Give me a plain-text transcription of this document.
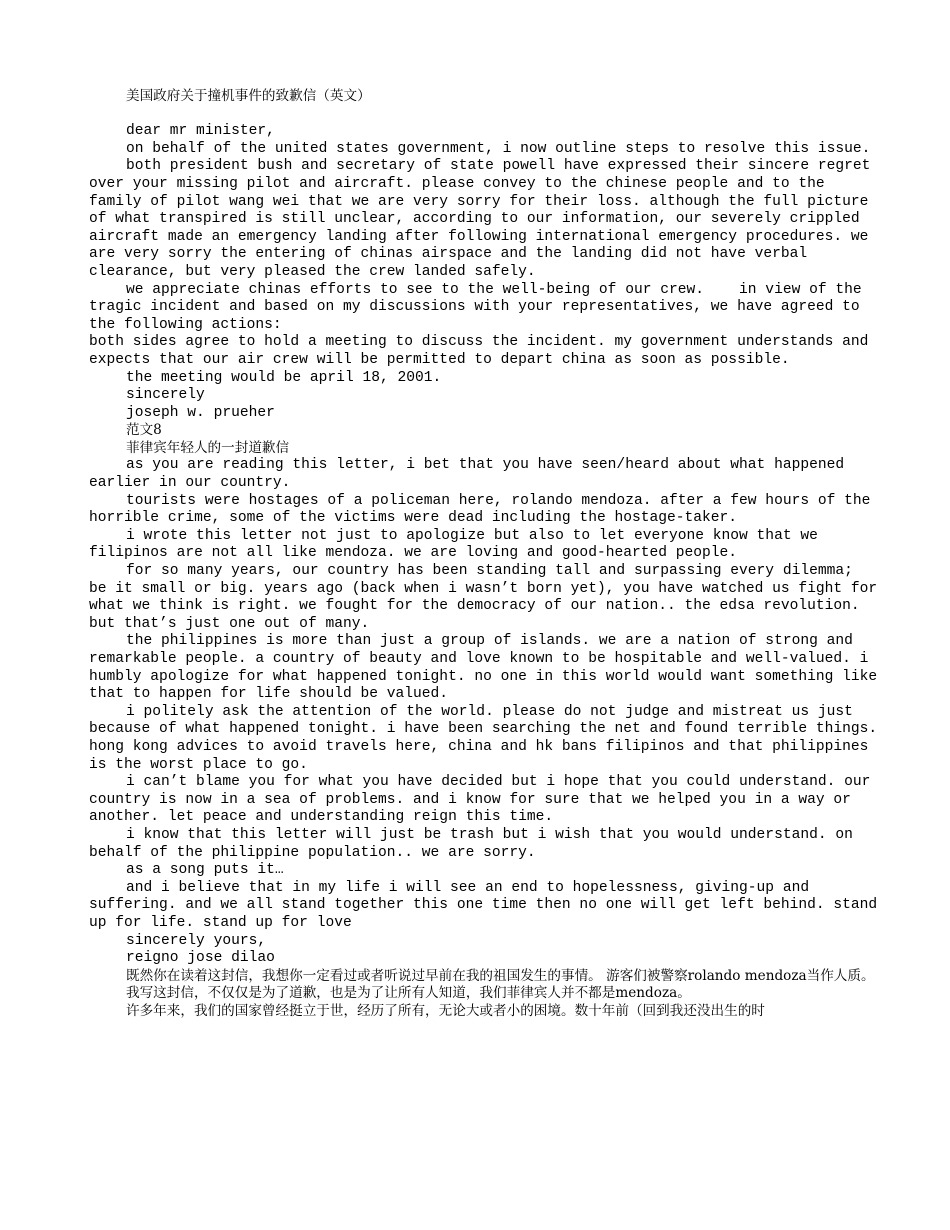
美国政府关于撞机事件的致歉信（英文）

dear mr minister,

on behalf of the united states government, i now outline steps to resolve this issue.

both president bush and secretary of state powell have expressed their sincere regret over your missing pilot and aircraft. please convey to the chinese people and to the family of pilot wang wei that we are very sorry for their loss. although the full picture of what transpired is still unclear, according to our information, our severely crippled aircraft made an emergency landing after following international emergency procedures. we are very sorry the entering of chinas airspace and the landing did not have verbal clearance, but very pleased the crew landed safely.

we appreciate chinas efforts to see to the well-being of our crew.    in view of the tragic incident and based on my discussions with your representatives, we have agreed to the following actions:

both sides agree to hold a meeting to discuss the incident. my government understands and expects that our air crew will be permitted to depart china as soon as possible.

the meeting would be april 18, 2001.

sincerely

joseph w. prueher

范文8

菲律宾年轻人的一封道歉信

as you are reading this letter, i bet that you have seen/heard about what happened earlier in our country.

tourists were hostages of a policeman here, rolando mendoza. after a few hours of the horrible crime, some of the victims were dead including the hostage-taker.

i wrote this letter not just to apologize but also to let everyone know that we filipinos are not all like mendoza. we are loving and good-hearted people.

for so many years, our country has been standing tall and surpassing every dilemma; be it small or big. years ago (back when i wasn’t born yet), you have watched us fight for what we think is right. we fought for the democracy of our nation.. the edsa revolution. but that’s just one out of many.

the philippines is more than just a group of islands. we are a nation of strong and remarkable people. a country of beauty and love known to be hospitable and well-valued. i humbly apologize for what happened tonight. no one in this world would want something like that to happen for life should be valued.

i politely ask the attention of the world. please do not judge and mistreat us just

because of what happened tonight. i have been searching the net and found terrible things. hong kong advices to avoid travels here, china and hk bans filipinos and that philippines is the worst place to go.

i can’t blame you for what you have decided but i hope that you could understand. our country is now in a sea of problems. and i know for sure that we helped you in a way or another. let peace and understanding reign this time.

i know that this letter will just be trash but i wish that you would understand. on behalf of the philippine population.. we are sorry.

as a song puts it…

and i believe that in my life i will see an end to hopelessness, giving-up and suffering. and we all stand together this one time then no one will get left behind. stand up for life. stand up for love

sincerely yours,

reigno jose dilao

既然你在读着这封信，我想你一定看过或者听说过早前在我的祖国发生的事情。 游客们被警察rolando mendoza当作人质。

我写这封信，不仅仅是为了道歉，也是为了让所有人知道，我们菲律宾人并不都是mendoza。

许多年来，我们的国家曾经挺立于世，经历了所有，无论大或者小的困境。数十年前（回到我还没出生的时
